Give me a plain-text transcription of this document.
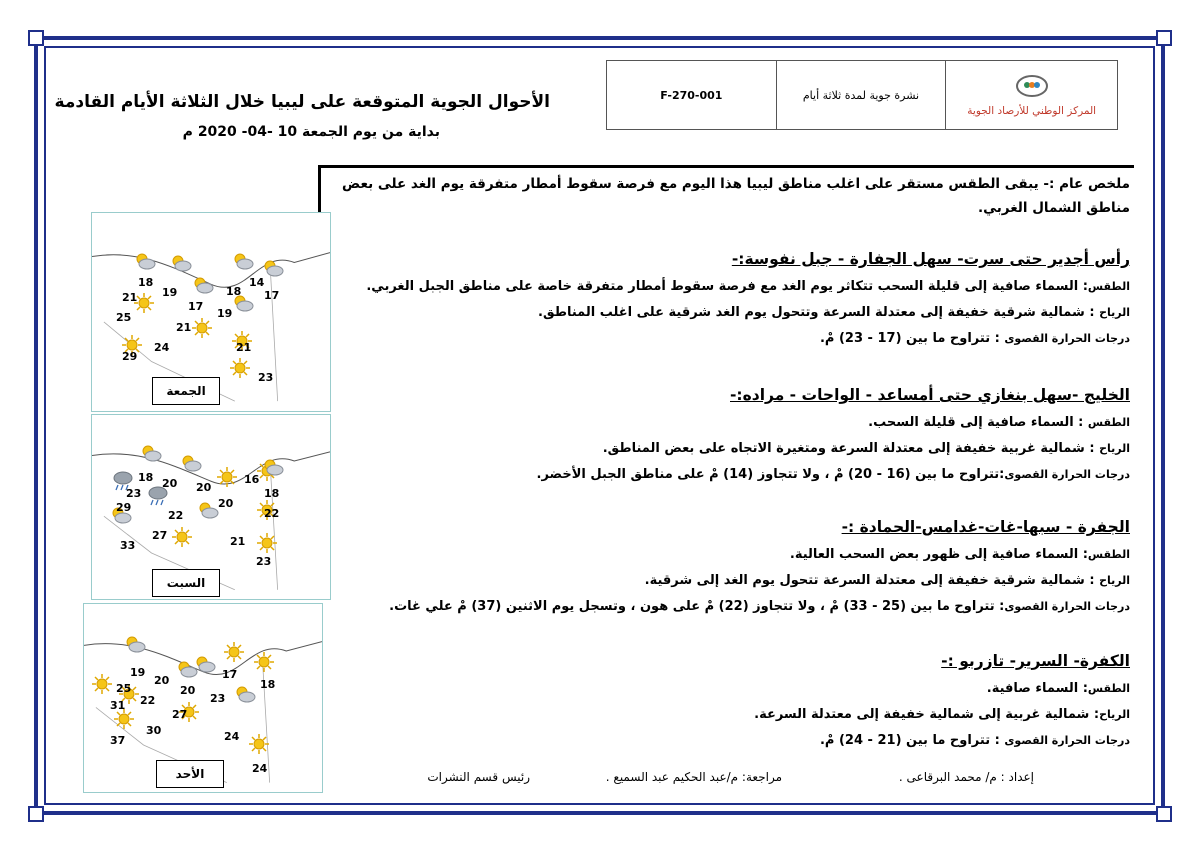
F-270-001	نشرة جوية لمدة ثلاثة أيام
المركز الوطني للأرصاد الجوية
الأحوال الجوية المتوقعة على ليبيا خلال الثلاثة الأيام القادمة
بداية من يوم الجمعة 10 -04- 2020 م
ملخص عام :- يبقى الطقس مستقر على اغلب مناطق ليبيا هذا اليوم مع فرصة سقوط أمطار متفرقة يوم الغد على بعض مناطق الشمال الغربي.
رأس أجدير حتى سرت- سهل الجفارة - جبل نفوسة:-
الطقس: السماء صافية إلى قليلة السحب تتكاثر يوم الغد مع فرصة سقوط أمطار متفرقة خاصة على مناطق الجبل الغربي.
الرياح : شمالية شرقية خفيفة إلى معتدلة السرعة وتتحول يوم الغد شرقية على اغلب المناطق.
درجات الحرارة القصوى : تتراوح ما بين (17 - 23) مْ.
الخليج -سهل بنغازي حتى أمساعد - الواحات - مراده:-
الطقس : السماء صافية إلى قليلة السحب.
الرياح : شمالية غربية خفيفة إلى معتدلة السرعة ومتغيرة الاتجاه على بعض المناطق.
درجات الحرارة القصوى:تتراوح ما بين (16 - 20) مْ ، ولا تتجاوز (14) مْ على مناطق الجبل الأخضر.
الجفرة - سبها-غات-غدامس-الحمادة :-
الطقس: السماء صافية إلى ظهور بعض السحب العالية.
الرياح : شمالية شرقية خفيفة إلى معتدلة السرعة تتحول يوم الغد إلى شرقية.
درجات الحرارة القصوى: تتراوح ما بين (25 - 33) مْ ، ولا تتجاوز (22) مْ على هون ، وتسجل يوم الاثنين (37) مْ علي غات.
الكفرة- السرير- تازربو :-
الطقس: السماء صافية.
الرياح: شمالية غربية إلى شمالية خفيفة إلى معتدلة السرعة.
درجات الحرارة القصوى : تتراوح ما بين (21 - 24) مْ.
18
19
21
17
14
18 17
19
25
21
29
24	21
23
الجمعة
18 20 20
16
23	18
29
22
20
22
27
33	21
23
السبت
19
20
20
17
25	18
31
23
22
27
30
37	24
24
الأحد	إعداد : م/ محمد البرقاعى .
مراجعة: م/عبد الحكيم عبد السميع .
رئيس قسم النشرات
